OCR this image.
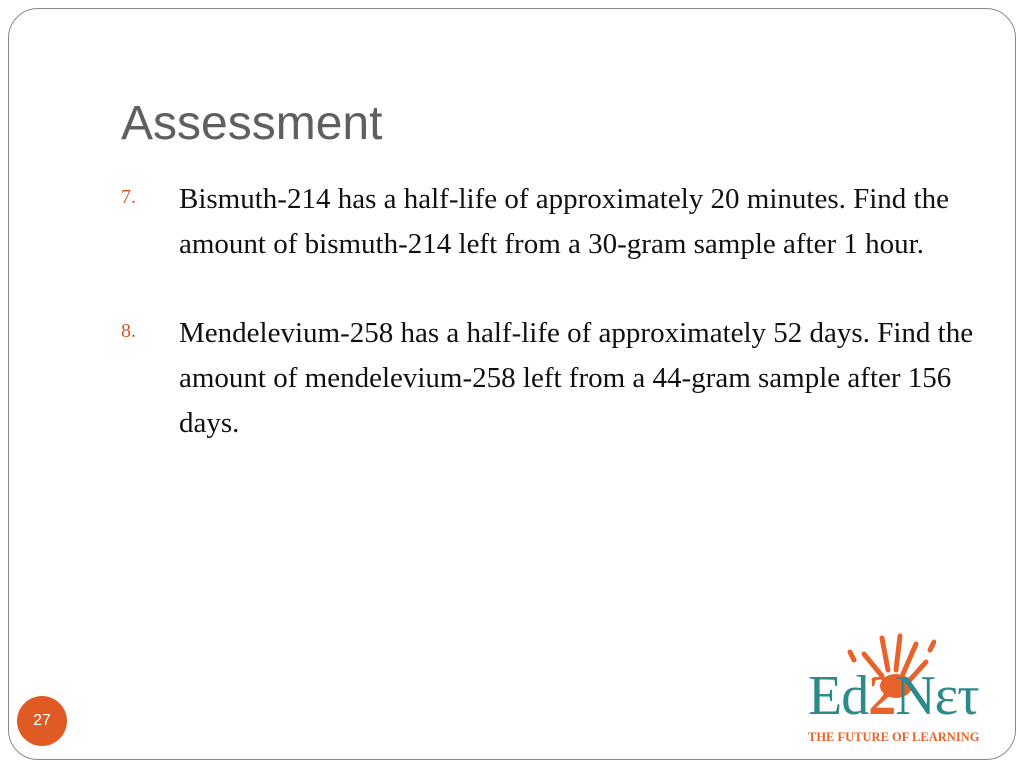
Assessment
7. Bismuth-214 has a half-life of approximately 20 minutes. Find the amount of bismuth-214 left from a 30-gram sample after 1 hour.

8. Mendelevium-258 has a half-life of approximately 52 days. Find the amount of mendelevium-258 left from a 44-gram sample after 156 days.

27	Ed2Nετ
THE FUTURE OF LEARNING
